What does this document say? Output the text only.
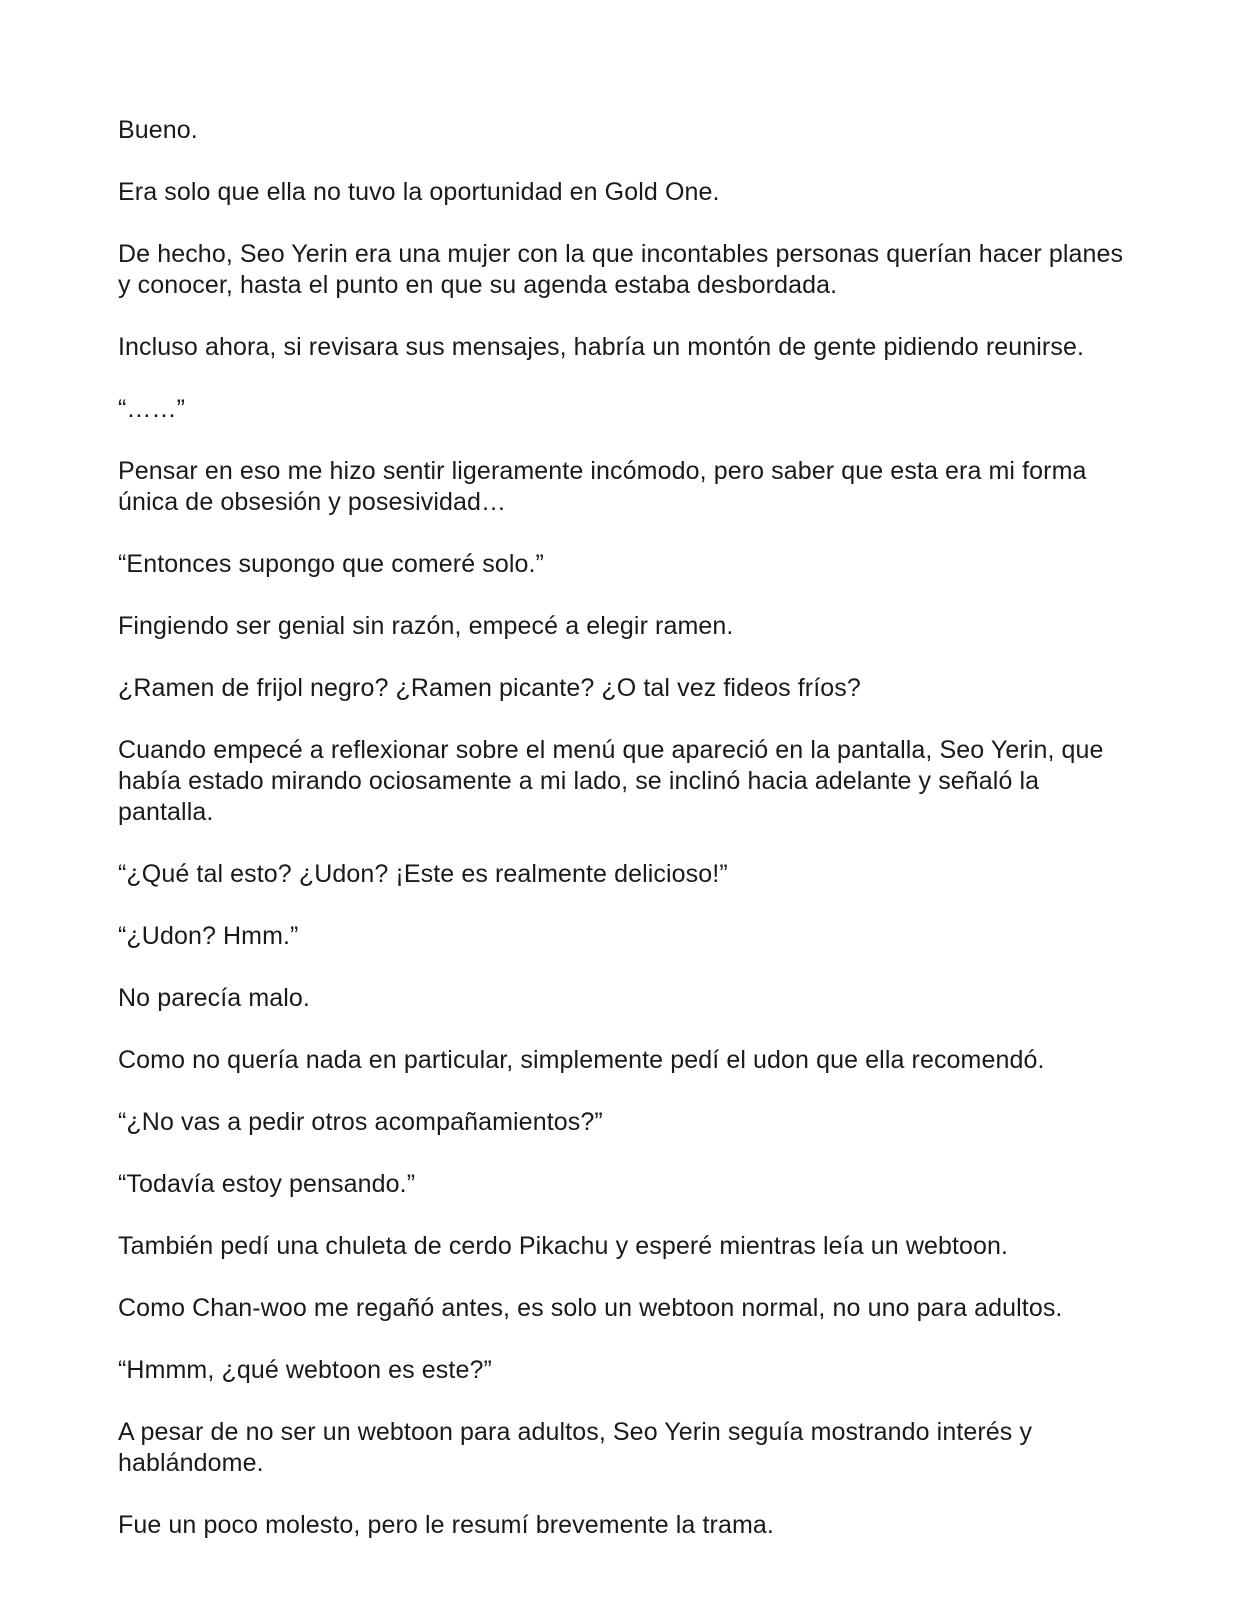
Bueno.

Era solo que ella no tuvo la oportunidad en Gold One.

De hecho, Seo Yerin era una mujer con la que incontables personas querían hacer planes y conocer, hasta el punto en que su agenda estaba desbordada.

Incluso ahora, si revisara sus mensajes, habría un montón de gente pidiendo reunirse.

“……”

Pensar en eso me hizo sentir ligeramente incómodo, pero saber que esta era mi forma única de obsesión y posesividad…

“Entonces supongo que comeré solo.”

Fingiendo ser genial sin razón, empecé a elegir ramen.

¿Ramen de frijol negro? ¿Ramen picante? ¿O tal vez fideos fríos?

Cuando empecé a reflexionar sobre el menú que apareció en la pantalla, Seo Yerin, que había estado mirando ociosamente a mi lado, se inclinó hacia adelante y señaló la pantalla.

“¿Qué tal esto? ¿Udon? ¡Este es realmente delicioso!”

“¿Udon? Hmm.”

No parecía malo.

Como no quería nada en particular, simplemente pedí el udon que ella recomendó.

“¿No vas a pedir otros acompañamientos?”

“Todavía estoy pensando.”

También pedí una chuleta de cerdo Pikachu y esperé mientras leía un webtoon.

Como Chan-woo me regañó antes, es solo un webtoon normal, no uno para adultos.

“Hmmm, ¿qué webtoon es este?”

A pesar de no ser un webtoon para adultos, Seo Yerin seguía mostrando interés y hablándome.

Fue un poco molesto, pero le resumí brevemente la trama.
